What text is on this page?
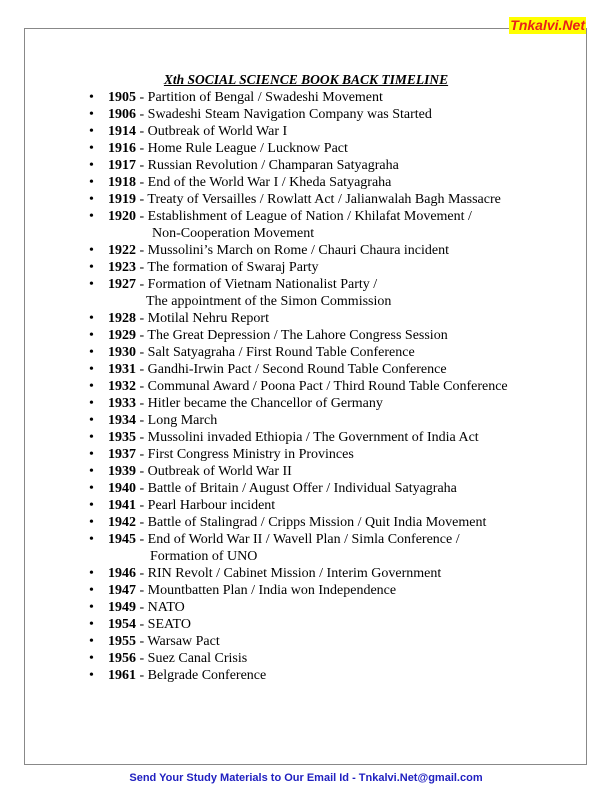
Tnkalvi.Net
Xth SOCIAL SCIENCE BOOK BACK TIMELINE
• 1905 - Partition of Bengal / Swadeshi Movement
• 1906 - Swadeshi Steam Navigation Company was Started
• 1914 - Outbreak of World War I
• 1916 - Home Rule League / Lucknow Pact
• 1917 - Russian Revolution / Champaran Satyagraha
• 1918 - End of the World War I / Kheda Satyagraha
• 1919 - Treaty of Versailles / Rowlatt Act / Jalianwalah Bagh Massacre
• 1920 - Establishment of League of Nation / Khilafat Movement /
Non-Cooperation Movement
• 1922 - Mussolini’s March on Rome / Chauri Chaura incident
• 1923 - The formation of Swaraj Party
• 1927 - Formation of Vietnam Nationalist Party /
The appointment of the Simon Commission
• 1928 - Motilal Nehru Report
• 1929 - The Great Depression / The Lahore Congress Session
• 1930 - Salt Satyagraha / First Round Table Conference
• 1931 - Gandhi-Irwin Pact / Second Round Table Conference
• 1932 - Communal Award / Poona Pact / Third Round Table Conference
• 1933 - Hitler became the Chancellor of Germany
• 1934 - Long March
• 1935 - Mussolini invaded Ethiopia / The Government of India Act
• 1937 - First Congress Ministry in Provinces
• 1939 - Outbreak of World War II
• 1940 - Battle of Britain / August Offer / Individual Satyagraha
• 1941 - Pearl Harbour incident
• 1942 - Battle of Stalingrad / Cripps Mission / Quit India Movement
• 1945 - End of World War II / Wavell Plan / Simla Conference /
Formation of UNO
• 1946 - RIN Revolt / Cabinet Mission / Interim Government
• 1947 - Mountbatten Plan / India won Independence
• 1949 - NATO
• 1954 - SEATO
• 1955 - Warsaw Pact
• 1956 - Suez Canal Crisis
• 1961 - Belgrade Conference
Send Your Study Materials to Our Email Id - Tnkalvi.Net@gmail.com
